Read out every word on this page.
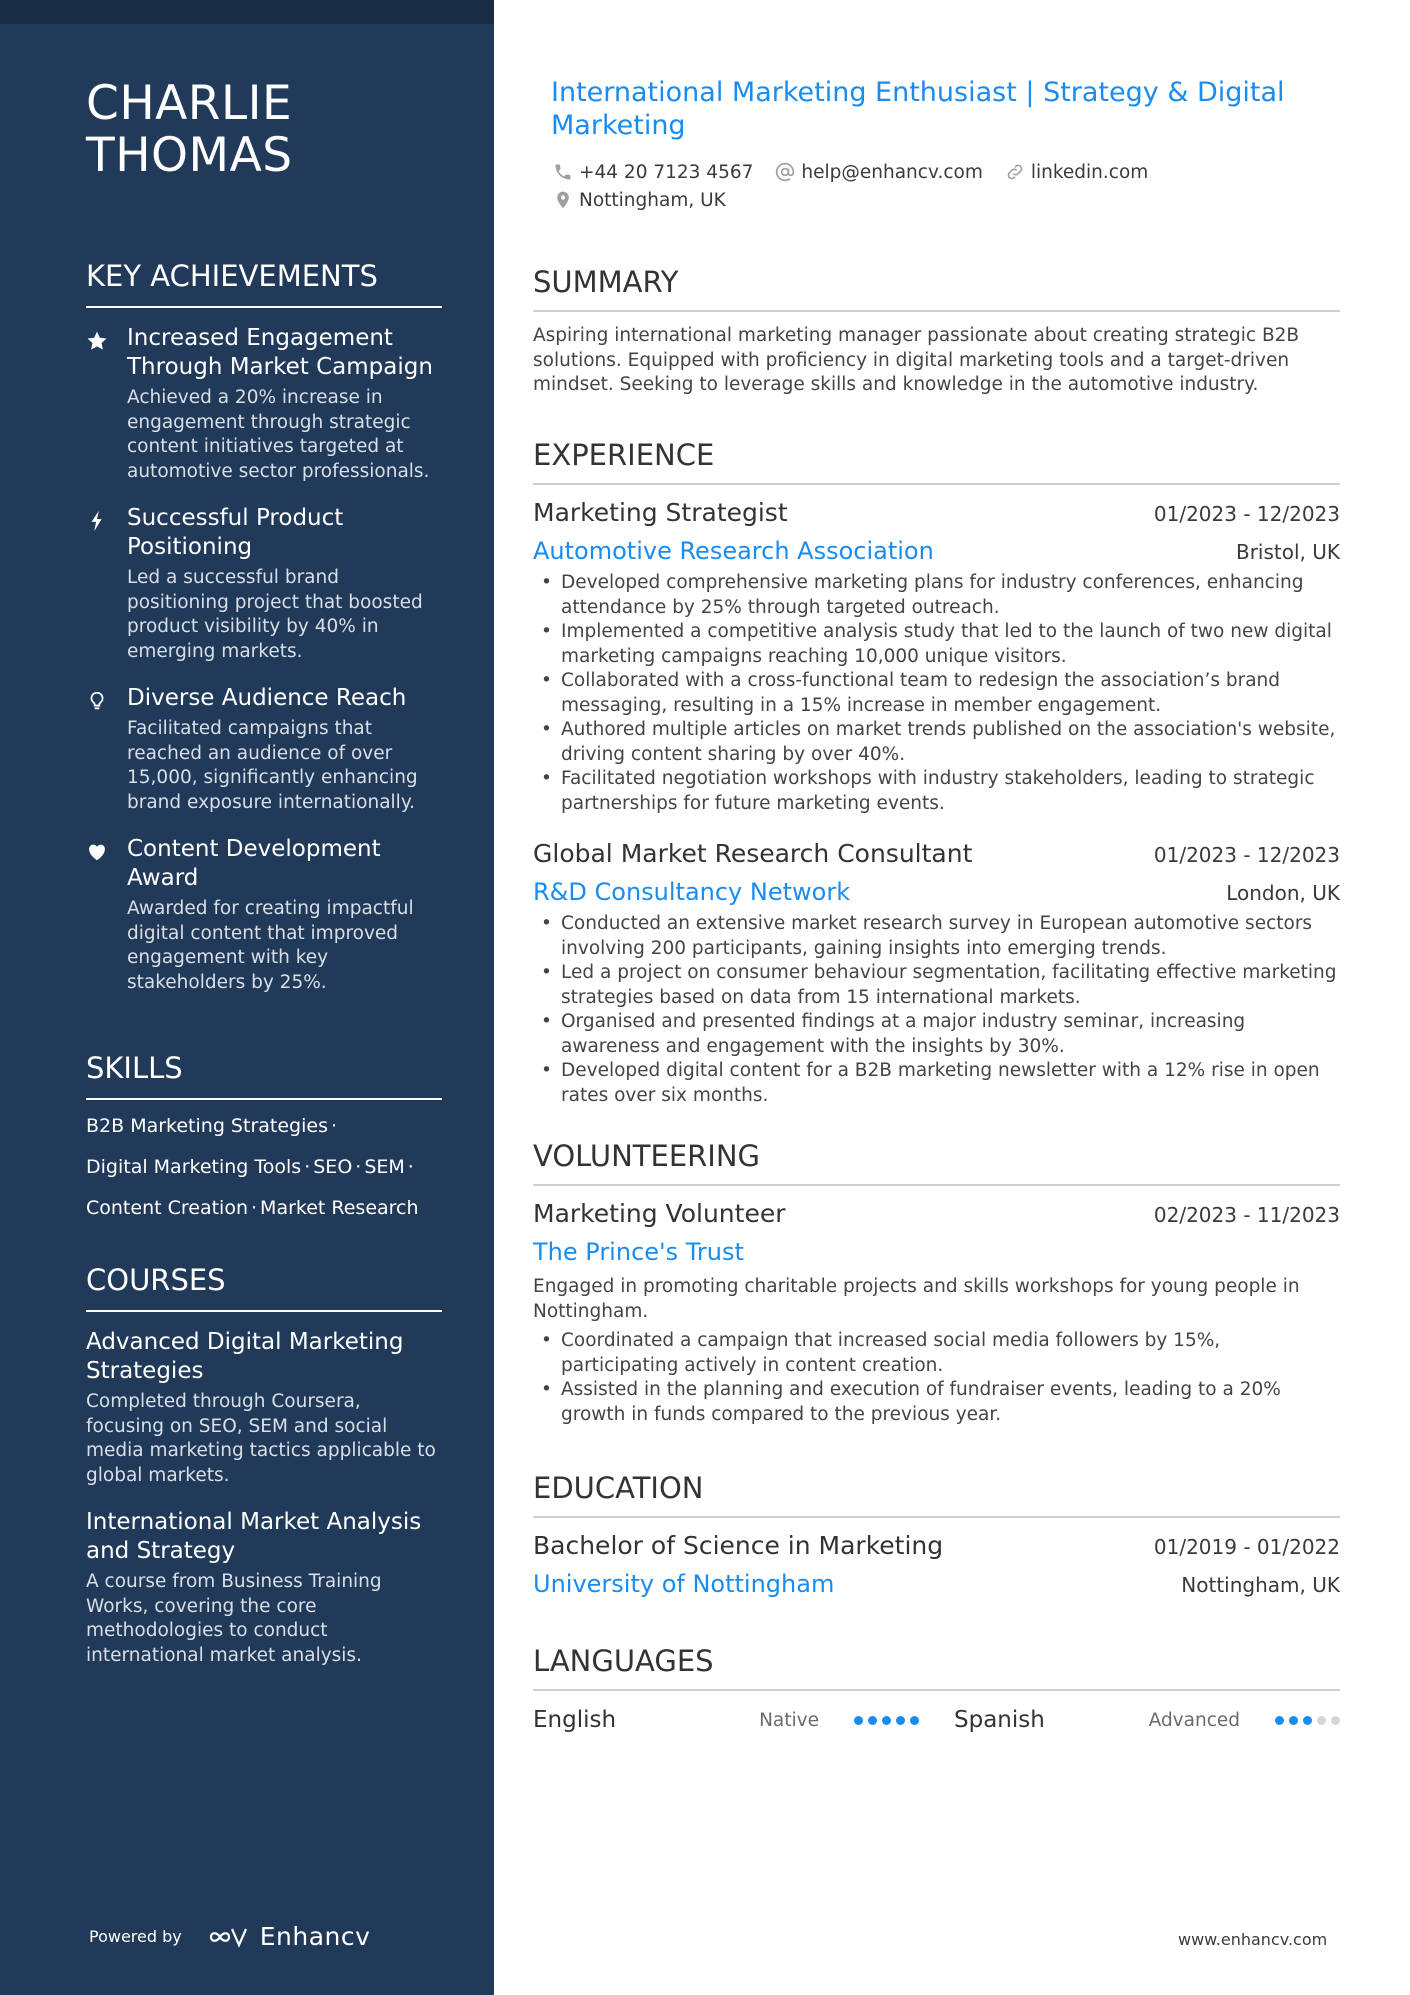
CHARLIE
THOMAS
KEY ACHIEVEMENTS
Increased Engagement Through Market Campaign
Achieved a 20% increase in engagement through strategic content initiatives targeted at automotive sector professionals.
Successful Product Positioning
Led a successful brand positioning project that boosted product visibility by 40% in emerging markets.
Diverse Audience Reach
Facilitated campaigns that reached an audience of over 15,000, significantly enhancing brand exposure internationally.
Content Development Award
Awarded for creating impactful digital content that improved engagement with key stakeholders by 25%.
SKILLS
B2B Marketing Strategies ·
Digital Marketing Tools · SEO · SEM ·
Content Creation · Market Research
COURSES
Advanced Digital Marketing Strategies
Completed through Coursera, focusing on SEO, SEM and social media marketing tactics applicable to global markets.
International Market Analysis and Strategy
A course from Business Training Works, covering the core methodologies to conduct international market analysis.
Powered by	Enhancv
International Marketing Enthusiast | Strategy & Digital Marketing
+44 20 7123 4567	help@enhancv.com	linkedin.com
Nottingham, UK
SUMMARY

Aspiring international marketing manager passionate about creating strategic B2B solutions. Equipped with proficiency in digital marketing tools and a target-driven mindset. Seeking to leverage skills and knowledge in the automotive industry.

EXPERIENCE
Marketing Strategist	01/2023 - 12/2023
Automotive Research Association	Bristol, UK
• Developed comprehensive marketing plans for industry conferences, enhancing attendance by 25% through targeted outreach.
• Implemented a competitive analysis study that led to the launch of two new digital marketing campaigns reaching 10,000 unique visitors.
• Collaborated with a cross-functional team to redesign the association’s brand messaging, resulting in a 15% increase in member engagement.
• Authored multiple articles on market trends published on the association's website, driving content sharing by over 40%.
• Facilitated negotiation workshops with industry stakeholders, leading to strategic partnerships for future marketing events.
Global Market Research Consultant	01/2023 - 12/2023
R&D Consultancy Network	London, UK
• Conducted an extensive market research survey in European automotive sectors involving 200 participants, gaining insights into emerging trends.
• Led a project on consumer behaviour segmentation, facilitating effective marketing strategies based on data from 15 international markets.
• Organised and presented findings at a major industry seminar, increasing awareness and engagement with the insights by 30%.
• Developed digital content for a B2B marketing newsletter with a 12% rise in open rates over six months.
VOLUNTEERING
Marketing Volunteer	02/2023 - 11/2023
The Prince's Trust

Engaged in promoting charitable projects and skills workshops for young people in Nottingham.

• Coordinated a campaign that increased social media followers by 15%, participating actively in content creation.
• Assisted in the planning and execution of fundraiser events, leading to a 20% growth in funds compared to the previous year.
EDUCATION
Bachelor of Science in Marketing	01/2019 - 01/2022
University of Nottingham	Nottingham, UK
LANGUAGES
English	Native	Spanish	Advanced
www.enhancv.com
